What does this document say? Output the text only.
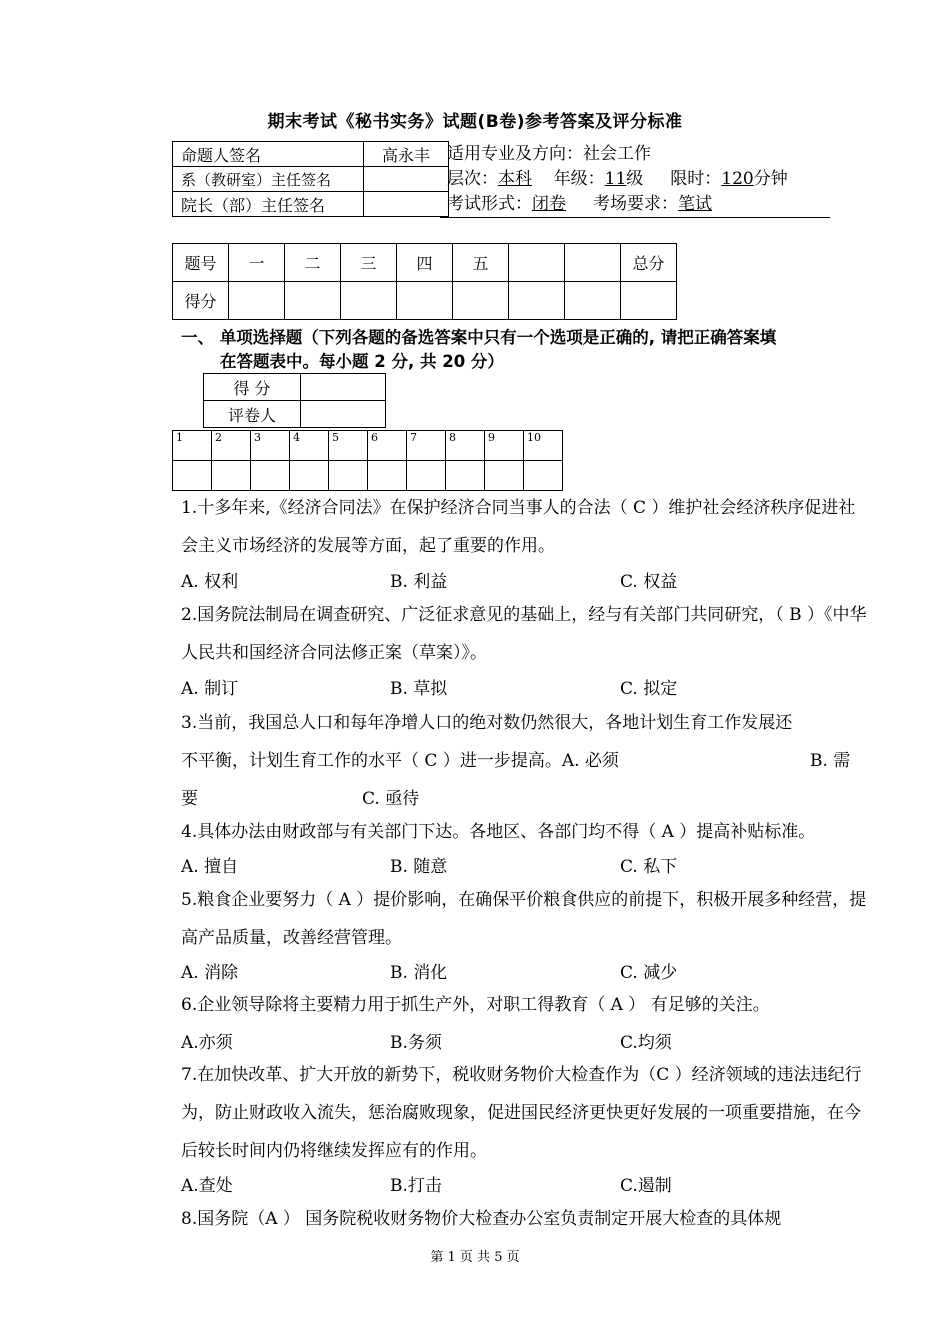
期末考试《秘书实务》试题(B卷)参考答案及评分标准
命题人签名	高永丰
系（教研室）主任签名	
院长（部）主任签名	
适用专业及方向：社会工作
层次：本科 年级：11级 限时：120分钟
考试形式：闭卷 考场要求：笔试
题号	一	二	三	四	五			总分
得分								
一、 单项选择题（下列各题的备选答案中只有一个选项是正确的, 请把正确答案填
在答题表中。每小题 2 分, 共 20 分）
得 分	
评卷人	
1	2	3	4	5	6	7	8	9	10

1.十多年来,《经济合同法》在保护经济合同当事人的合法（ C ）维护社会经济秩序促进社会主义市场经济的发展等方面，起了重要的作用。
A. 权利	B. 利益	C. 权益
2.国务院法制局在调查研究、广泛征求意见的基础上，经与有关部门共同研究，（ B ）《中华人民共和国经济合同法修正案（草案）》。
A. 制订	B. 草拟	C. 拟定
3.当前，我国总人口和每年净增人口的绝对数仍然很大，各地计划生育工作发展还
不平衡，计划生育工作的水平（ C ）进一步提高。A. 必须	B. 需
要	C. 亟待
4.具体办法由财政部与有关部门下达。各地区、各部门均不得（ A ）提高补贴标准。
A. 擅自	B. 随意	C. 私下
5.粮食企业要努力（ A ）提价影响，在确保平价粮食供应的前提下，积极开展多种经营，提高产品质量，改善经营管理。
A. 消除	B. 消化	C. 减少
6.企业领导除将主要精力用于抓生产外，对职工得教育（ A ） 有足够的关注。
A.亦须	B.务须	C.均须
7.在加快改革、扩大开放的新势下，税收财务物价大检查作为（C ）经济领域的违法违纪行为，防止财政收入流失，惩治腐败现象，促进国民经济更快更好发展的一项重要措施，在今后较长时间内仍将继续发挥应有的作用。
A.查处	B.打击	C.遏制
8.国务院（A ） 国务院税收财务物价大检查办公室负责制定开展大检查的具体规
第 1 页 共 5 页
